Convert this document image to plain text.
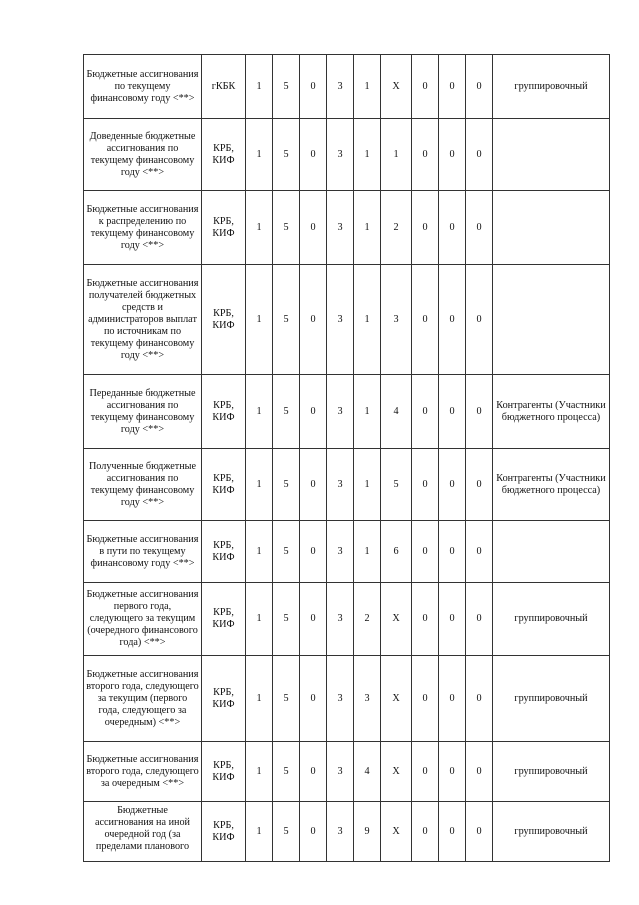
Бюджетные ассигнования по текущему финансовому году <**>	гКБК	1	5	0	3	1	X	0	0	0	группировочный
Доведенные бюджетные ассигнования по текущему финансовому году <**>	КРБ, КИФ	1	5	0	3	1	1	0	0	0	
Бюджетные ассигнования к распределению по текущему финансовому году <**>	КРБ, КИФ	1	5	0	3	1	2	0	0	0	
Бюджетные ассигнования получателей бюджетных средств и администраторов выплат по источникам по текущему финансовому году <**>	КРБ, КИФ	1	5	0	3	1	3	0	0	0	
Переданные бюджетные ассигнования по текущему финансовому году <**>	КРБ, КИФ	1	5	0	3	1	4	0	0	0	Контрагенты (Участники бюджетного процесса)
Полученные бюджетные ассигнования по текущему финансовому году <**>	КРБ, КИФ	1	5	0	3	1	5	0	0	0	Контрагенты (Участники бюджетного процесса)
Бюджетные ассигнования в пути по текущему финансовому году <**>	КРБ, КИФ	1	5	0	3	1	6	0	0	0	
Бюджетные ассигнования первого года, следующего за текущим (очередного финансового года) <**>	КРБ, КИФ	1	5	0	3	2	X	0	0	0	группировочный
Бюджетные ассигнования второго года, следующего за текущим (первого года, следующего за очередным) <**>	КРБ, КИФ	1	5	0	3	3	X	0	0	0	группировочный
Бюджетные ассигнования второго года, следующего за очередным <**>	КРБ, КИФ	1	5	0	3	4	X	0	0	0	группировочный

Бюджетные ассигнования на иной очередной год (за пределами планового	КРБ, КИФ	1	5	0	3	9	X	0	0	0	группировочный
